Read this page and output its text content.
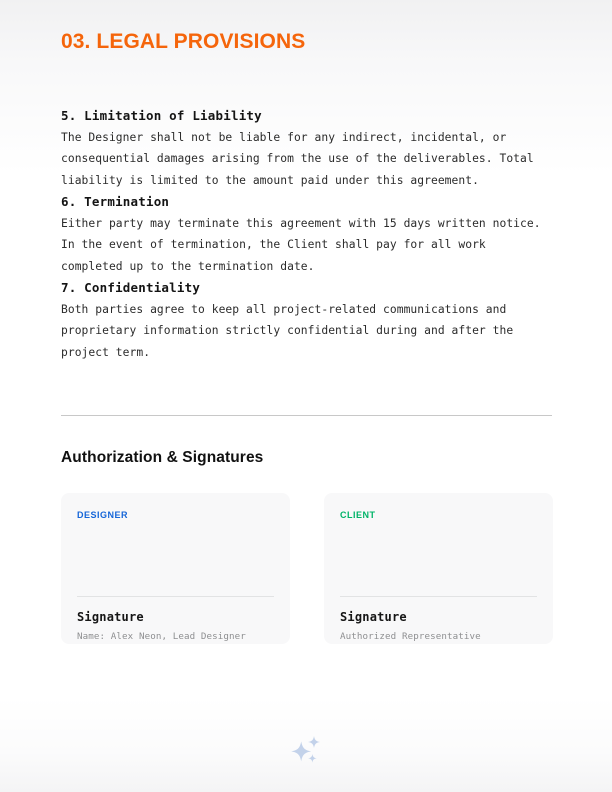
03. LEGAL PROVISIONS
5. Limitation of Liability

The Designer shall not be liable for any indirect, incidental, or consequential damages arising from the use of the deliverables. Total liability is limited to the amount paid under this agreement.

6. Termination

Either party may terminate this agreement with 15 days written notice. In the event of termination, the Client shall pay for all work completed up to the termination date.

7. Confidentiality

Both parties agree to keep all project-related communications and proprietary information strictly confidential during and after the project term.

Authorization & Signatures
DESIGNER
Signature
Name: Alex Neon, Lead Designer
CLIENT
Signature
Authorized Representative
